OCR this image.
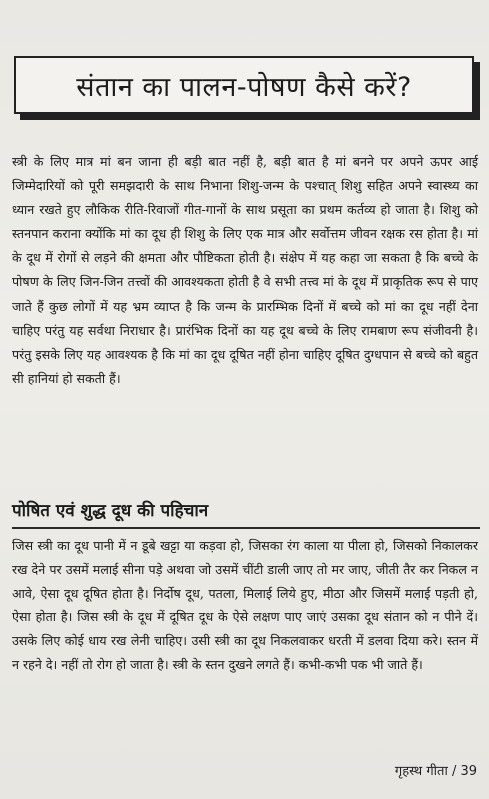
संतान का पालन-पोषण कैसे करें?

स्त्री के लिए मात्र मां बन जाना ही बड़ी बात नहीं है, बड़ी बात है मां बनने पर अपने ऊपर आई जिम्मेदारियों को पूरी समझदारी के साथ निभाना शिशु-जन्म के पश्चात् शिशु सहित अपने स्वास्थ्य का ध्यान रखते हुए लौकिक रीति-रिवाजों गीत-गानों के साथ प्रसूता का प्रथम कर्तव्य हो जाता है। शिशु को स्तनपान कराना क्योंकि मां का दूध ही शिशु के लिए एक मात्र और सर्वोत्तम जीवन रक्षक रस होता है। मां के दूध में रोगों से लड़ने की क्षमता और पौष्टिकता होती है। संक्षेप में यह कहा जा सकता है कि बच्चे के पोषण के लिए जिन-जिन तत्त्वों की आवश्यकता होती है वे सभी तत्त्व मां के दूध में प्राकृतिक रूप से पाए जाते हैं कुछ लोगों में यह भ्रम व्याप्त है कि जन्म के प्रारम्भिक दिनों में बच्चे को मां का दूध नहीं देना चाहिए परंतु यह सर्वथा निराधार है। प्रारंभिक दिनों का यह दूध बच्चे के लिए रामबाण रूप संजीवनी है। परंतु इसके लिए यह आवश्यक है कि मां का दूध दूषित नहीं होना चाहिए दूषित दुग्धपान से बच्चे को बहुत सी हानियां हो सकती हैं।

पोषित एवं शुद्ध दूध की पहिचान

जिस स्त्री का दूध पानी में न डूबे खट्टा या कड़वा हो, जिसका रंग काला या पीला हो, जिसको निकालकर रख देने पर उसमें मलाई सीना पड़े अथवा जो उसमें चींटी डाली जाए तो मर जाए, जीती तैर कर निकल न आवे, ऐसा दूध दूषित होता है। निर्दोष दूध, पतला, मिलाई लिये हुए, मीठा और जिसमें मलाई पड़ती हो, ऐसा होता है। जिस स्त्री के दूध में दूषित दूध के ऐसे लक्षण पाए जाएं उसका दूध संतान को न पीने दें। उसके लिए कोई धाय रख लेनी चाहिए। उसी स्त्री का दूध निकलवाकर धरती में डलवा दिया करे। स्तन में न रहने दे। नहीं तो रोग हो जाता है। स्त्री के स्तन दुखने लगते हैं। कभी-कभी पक भी जाते हैं।

गृहस्थ गीता / 39
